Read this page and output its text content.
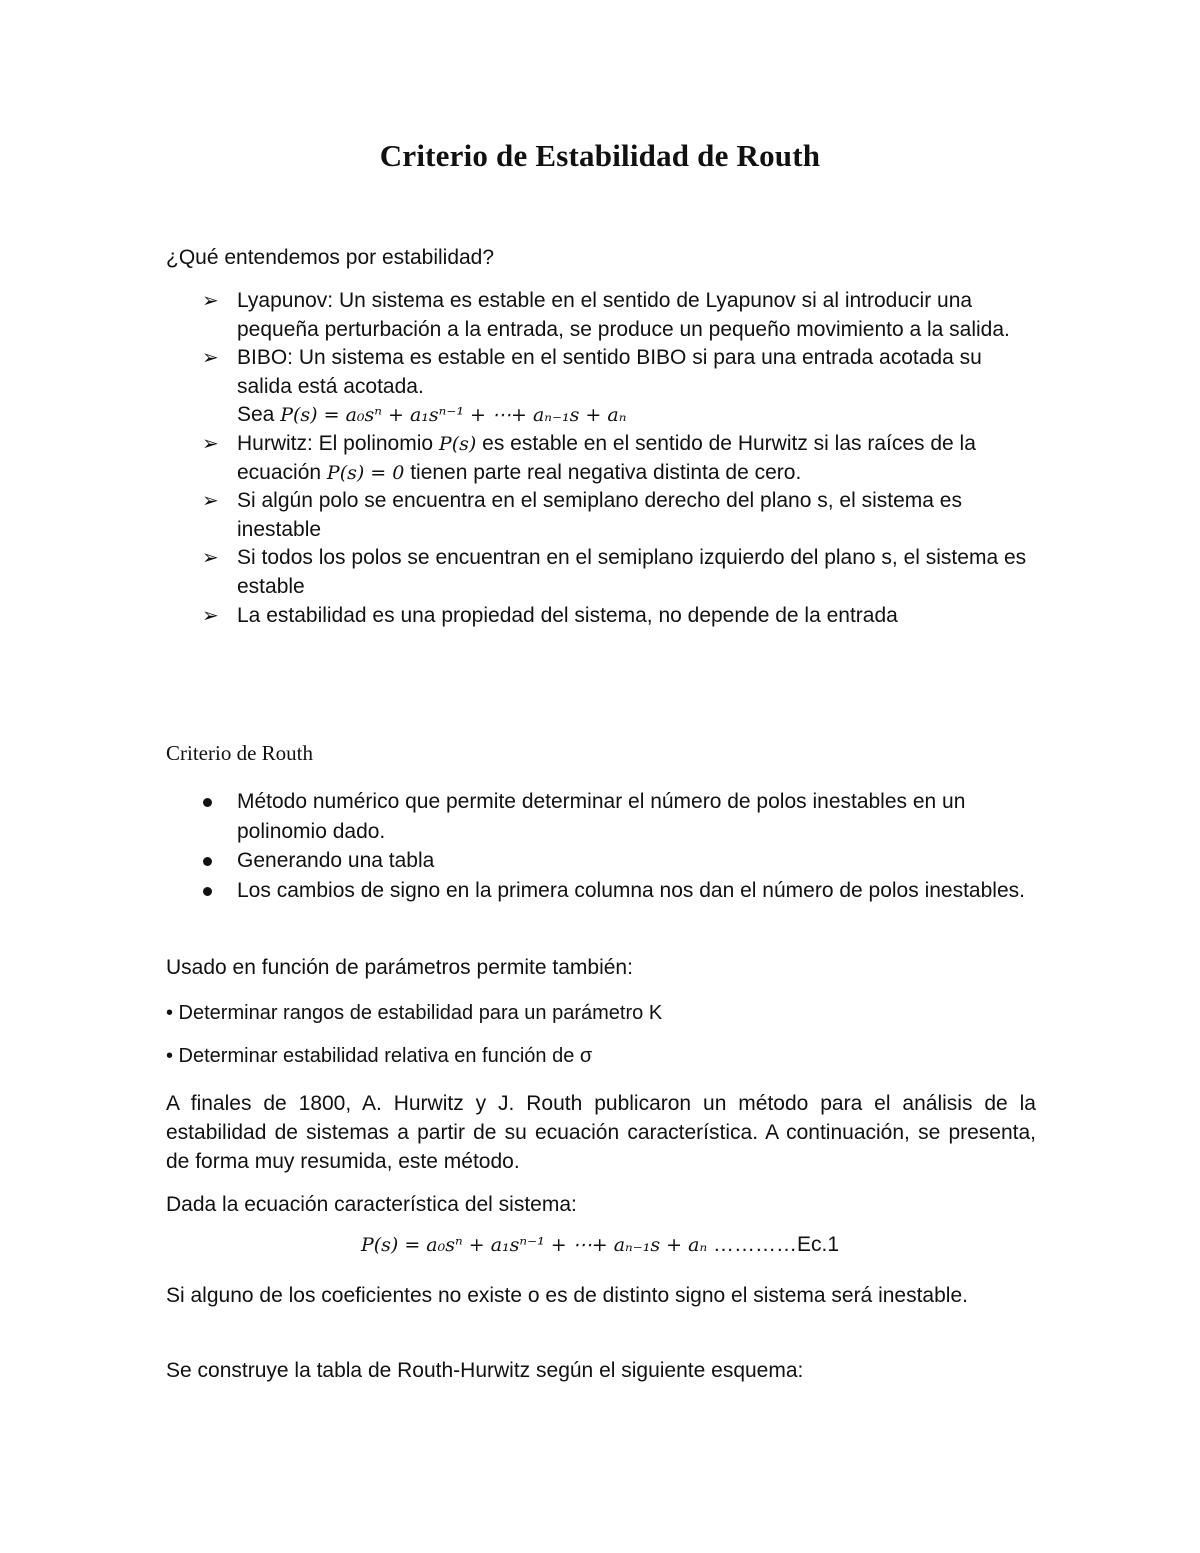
Criterio de Estabilidad de Routh
¿Qué entendemos por estabilidad?
➢ Lyapunov: Un sistema es estable en el sentido de Lyapunov si al introducir una pequeña perturbación a la entrada, se produce un pequeño movimiento a la salida.
➢ BIBO: Un sistema es estable en el sentido BIBO si para una entrada acotada su salida está acotada.
Sea P(s) = a₀sⁿ + a₁sⁿ⁻¹ + ⋯+ aₙ₋₁s + aₙ
➢ Hurwitz: El polinomio P(s) es estable en el sentido de Hurwitz si las raíces de la ecuación P(s) = 0 tienen parte real negativa distinta de cero.
➢ Si algún polo se encuentra en el semiplano derecho del plano s, el sistema es inestable
➢ Si todos los polos se encuentran en el semiplano izquierdo del plano s, el sistema es estable
➢ La estabilidad es una propiedad del sistema, no depende de la entrada
Criterio de Routh
Método numérico que permite determinar el número de polos inestables en un polinomio dado.
Generando una tabla
Los cambios de signo en la primera columna nos dan el número de polos inestables.
Usado en función de parámetros permite también:
• Determinar rangos de estabilidad para un parámetro K
• Determinar estabilidad relativa en función de σ
A finales de 1800, A. Hurwitz y J. Routh publicaron un método para el análisis de la estabilidad de sistemas a partir de su ecuación característica. A continuación, se presenta, de forma muy resumida, este método.
Dada la ecuación característica del sistema:
P(s) = a₀sⁿ + a₁sⁿ⁻¹ + ⋯+ aₙ₋₁s + aₙ …………Ec.1
Si alguno de los coeficientes no existe o es de distinto signo el sistema será inestable.
Se construye la tabla de Routh-Hurwitz según el siguiente esquema:
